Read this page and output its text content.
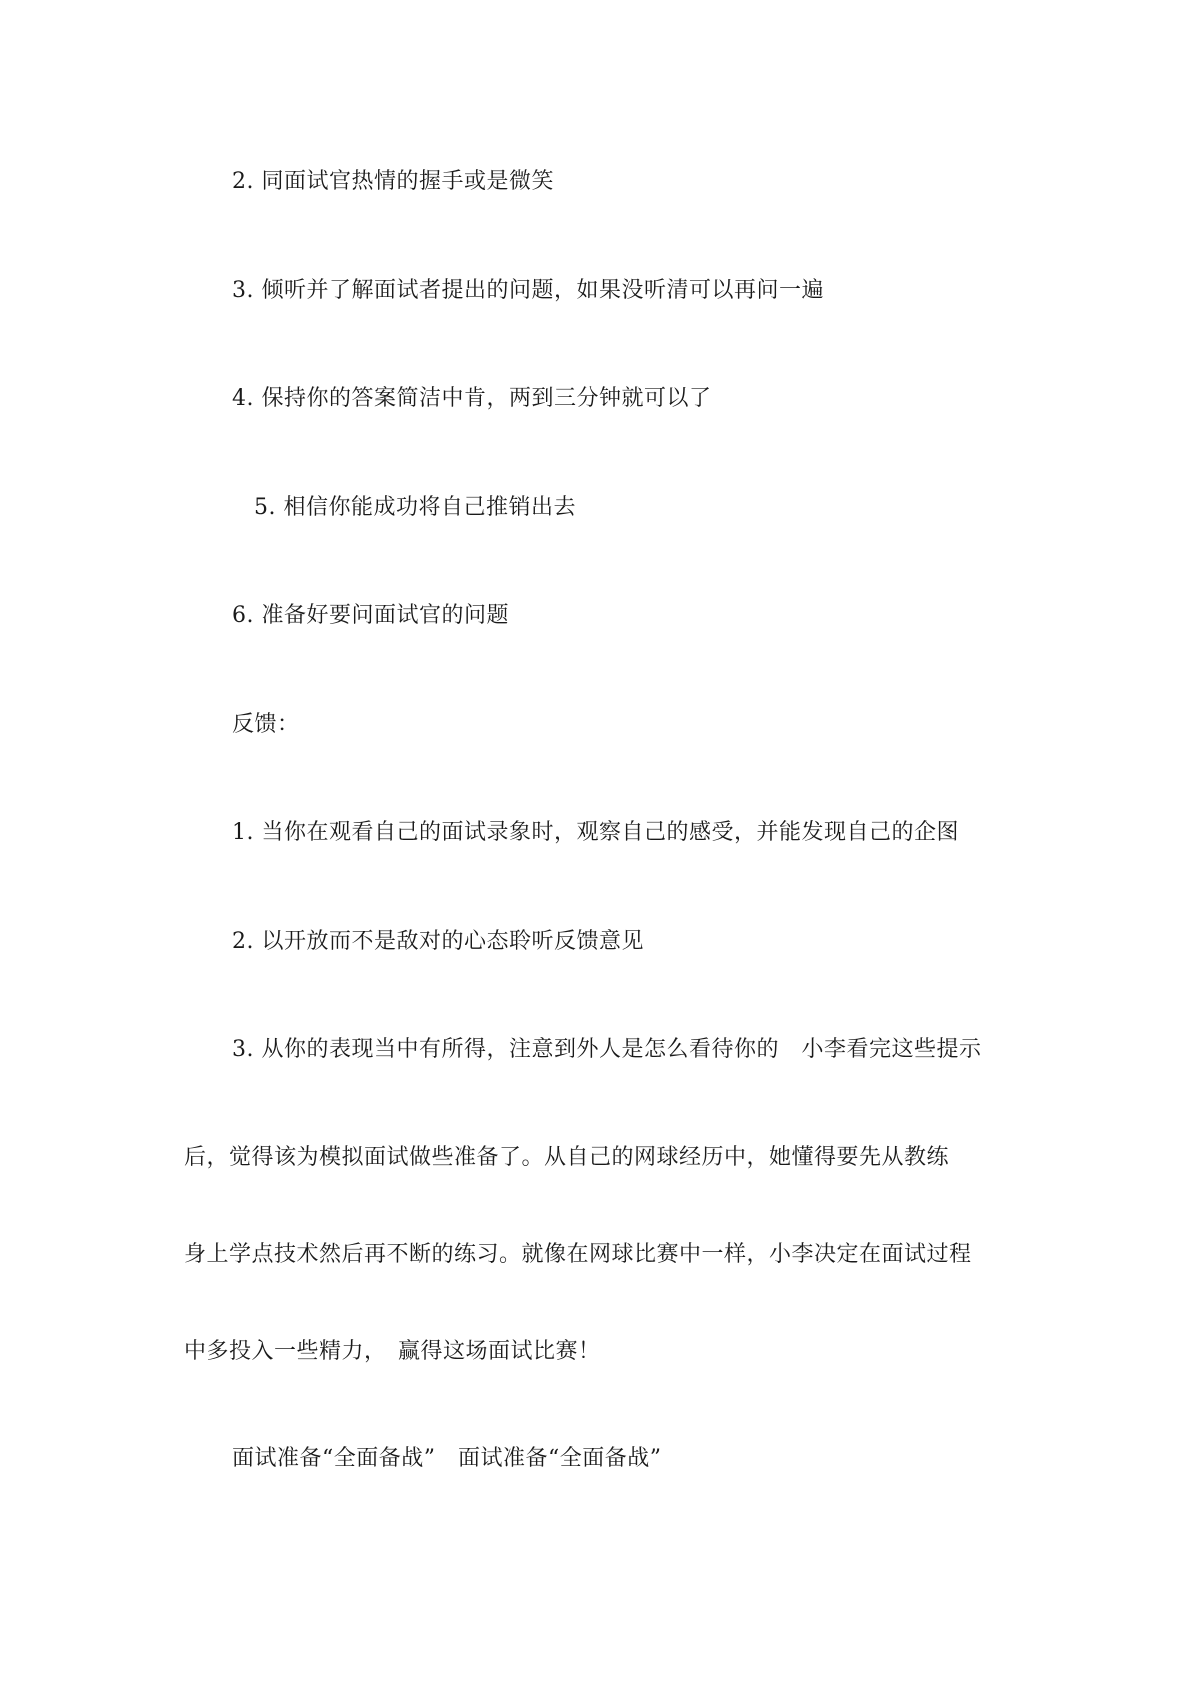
2. 同面试官热情的握手或是微笑
3. 倾听并了解面试者提出的问题，如果没听清可以再问一遍
4. 保持你的答案简洁中肯，两到三分钟就可以了
5. 相信你能成功将自己推销出去
6. 准备好要问面试官的问题
反馈：
1. 当你在观看自己的面试录象时，观察自己的感受，并能发现自己的企图
2. 以开放而不是敌对的心态聆听反馈意见
3. 从你的表现当中有所得，注意到外人是怎么看待你的　小李看完这些提示
后，觉得该为模拟面试做些准备了。从自己的网球经历中，她懂得要先从教练
身上学点技术然后再不断的练习。就像在网球比赛中一样，小李决定在面试过程
中多投入一些精力，　赢得这场面试比赛！
面试准备“全面备战”　面试准备“全面备战”
